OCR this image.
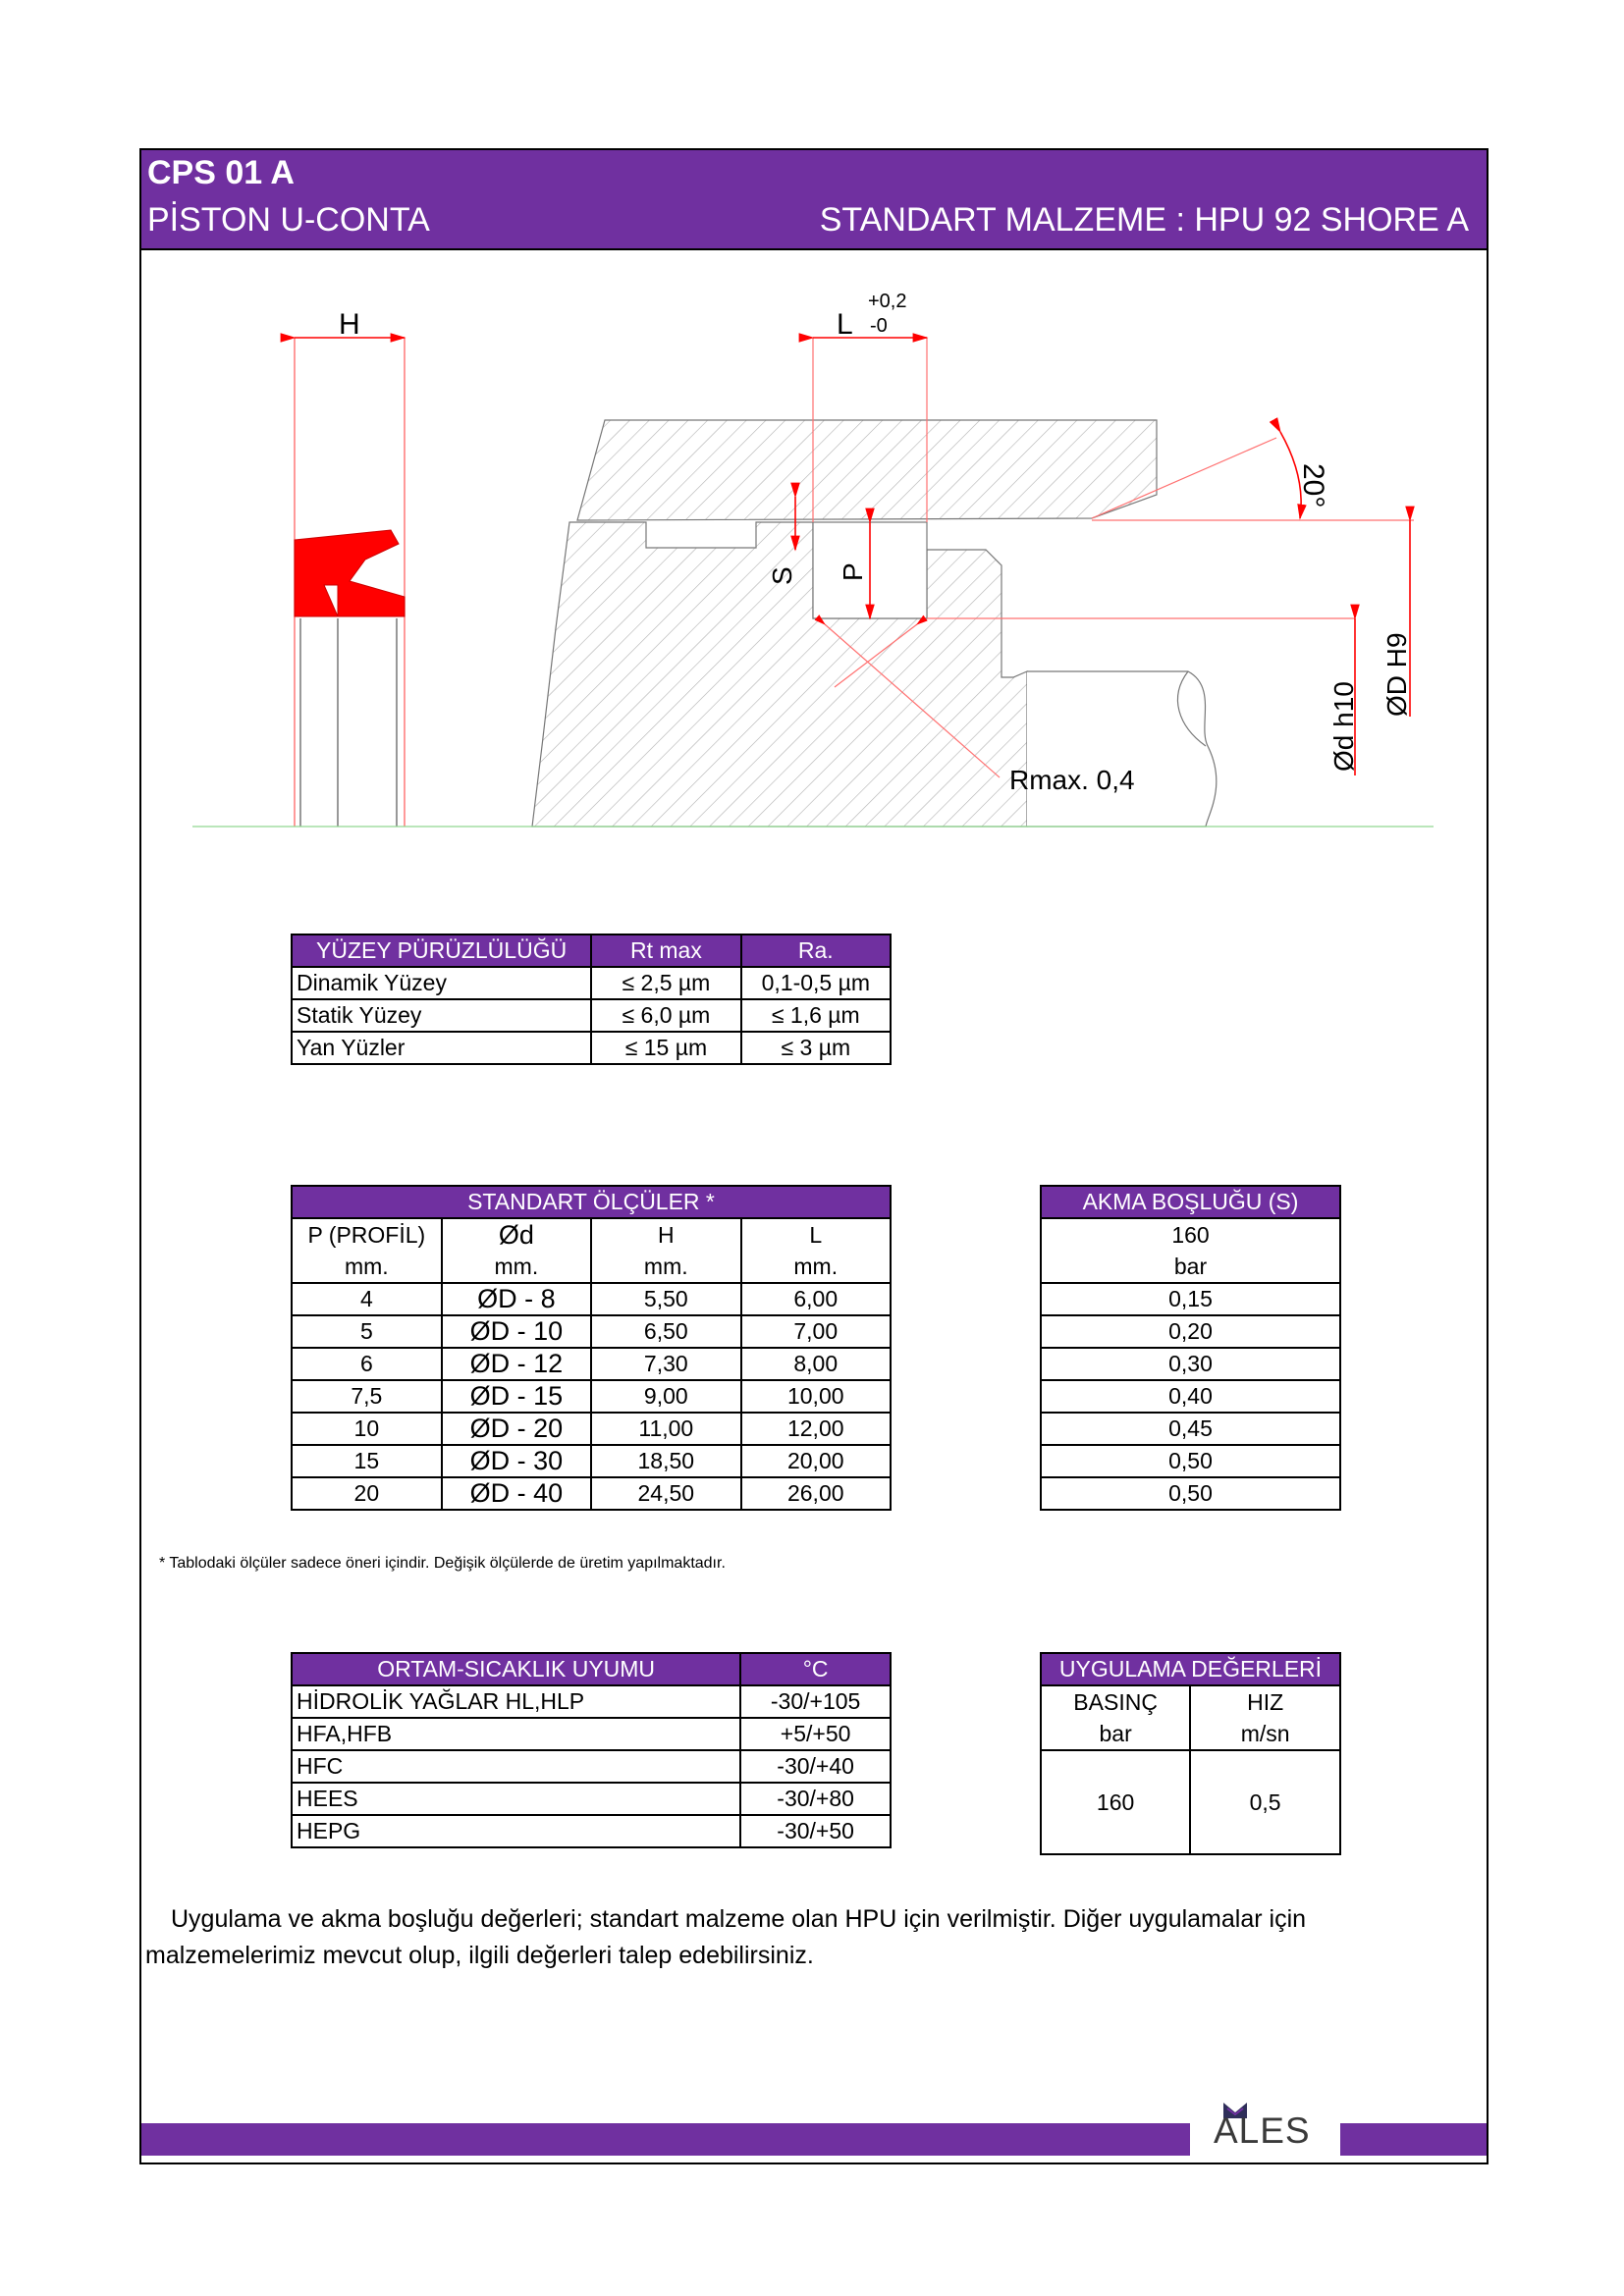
CPS 01 A
PİSTON U-CONTA	STANDART MALZEME : HPU 92 SHORE A
H	L
+0,2
-0
20°
S P
Ød h10
ØD H9
Rmax. 0,4
YÜZEY PÜRÜZLÜLÜĞÜ	Rt max	Ra.
Dinamik Yüzey	≤ 2,5 µm	0,1-0,5 µm
Statik Yüzey	≤ 6,0 µm	≤ 1,6 µm
Yan Yüzler	≤ 15 µm	≤ 3 µm
STANDART ÖLÇÜLER *			
P (PROFİL)	Ød	H	L
mm.	mm.	mm.	mm.
4	ØD - 8	5,50	6,00
5	ØD - 10	6,50	7,00
6	ØD - 12	7,30	8,00
7,5	ØD - 15	9,00	10,00
10	ØD - 20	11,00	12,00
15	ØD - 30	18,50	20,00
20	ØD - 40	24,50	26,00
AKMA BOŞLUĞU (S)
160
bar
0,15
0,20
0,30
0,40
0,45
0,50
0,50
* Tablodaki ölçüler sadece öneri içindir. Değişik ölçülerde de üretim yapılmaktadır.
ORTAM-SICAKLIK UYUMU	°C
HİDROLİK YAĞLAR HL,HLP	-30/+105
HFA,HFB	+5/+50
HFC	-30/+40
HEES	-30/+80
HEPG	-30/+50
UYGULAMA DEĞERLERİ	
BASINÇ	HIZ
bar	m/sn
160	0,5
Uygulama ve akma boşluğu değerleri; standart malzeme olan HPU için verilmiştir. Diğer uygulamalar için malzemelerimiz mevcut olup, ilgili değerleri talep edebilirsiniz.
ALES
